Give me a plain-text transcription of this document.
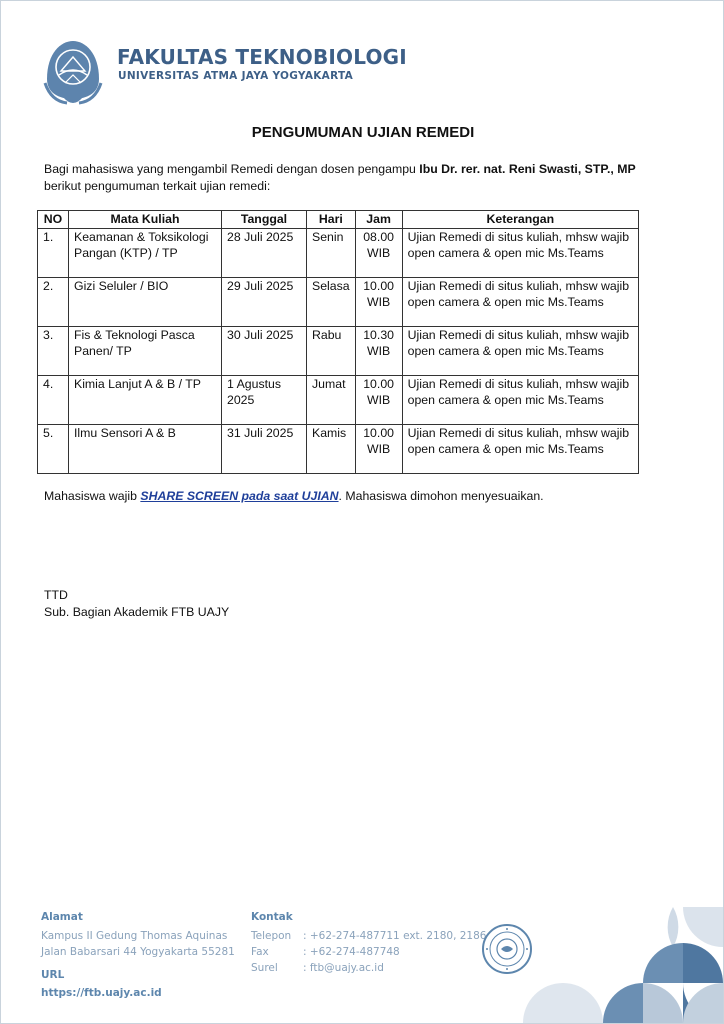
FAKULTAS TEKNOBIOLOGI
UNIVERSITAS ATMA JAYA YOGYAKARTA
PENGUMUMAN UJIAN REMEDI
Bagi mahasiswa yang mengambil Remedi dengan dosen pengampu Ibu Dr. rer. nat. Reni Swasti, STP., MP
berikut pengumuman terkait ujian remedi:
NO	Mata Kuliah	Tanggal	Hari	Jam	Keterangan
1.	Keamanan & Toksikologi Pangan (KTP) / TP	28 Juli 2025	Senin	08.00 WIB	Ujian Remedi di situs kuliah, mhsw wajib open camera & open mic Ms.Teams
2.	Gizi Seluler / BIO	29 Juli 2025	Selasa	10.00 WIB	Ujian Remedi di situs kuliah, mhsw wajib open camera & open mic Ms.Teams
3.	Fis & Teknologi Pasca Panen/ TP	30 Juli 2025	Rabu	10.30 WIB	Ujian Remedi di situs kuliah, mhsw wajib open camera & open mic Ms.Teams
4.	Kimia Lanjut A & B / TP	1 Agustus 2025	Jumat	10.00 WIB	Ujian Remedi di situs kuliah, mhsw wajib open camera & open mic Ms.Teams
5.	Ilmu Sensori A & B	31 Juli 2025	Kamis	10.00 WIB	Ujian Remedi di situs kuliah, mhsw wajib open camera & open mic Ms.Teams
Mahasiswa wajib SHARE SCREEN pada saat UJIAN. Mahasiswa dimohon menyesuaikan.
TTD
Sub. Bagian Akademik FTB UAJY
Alamat
Kampus II Gedung Thomas Aquinas
Jalan Babarsari 44 Yogyakarta 55281
URL
https://ftb.uajy.ac.id
Kontak
Telepon	: +62-274-487711 ext. 2180, 2186
Fax	: +62-274-487748
Surel	: ftb@uajy.ac.id
